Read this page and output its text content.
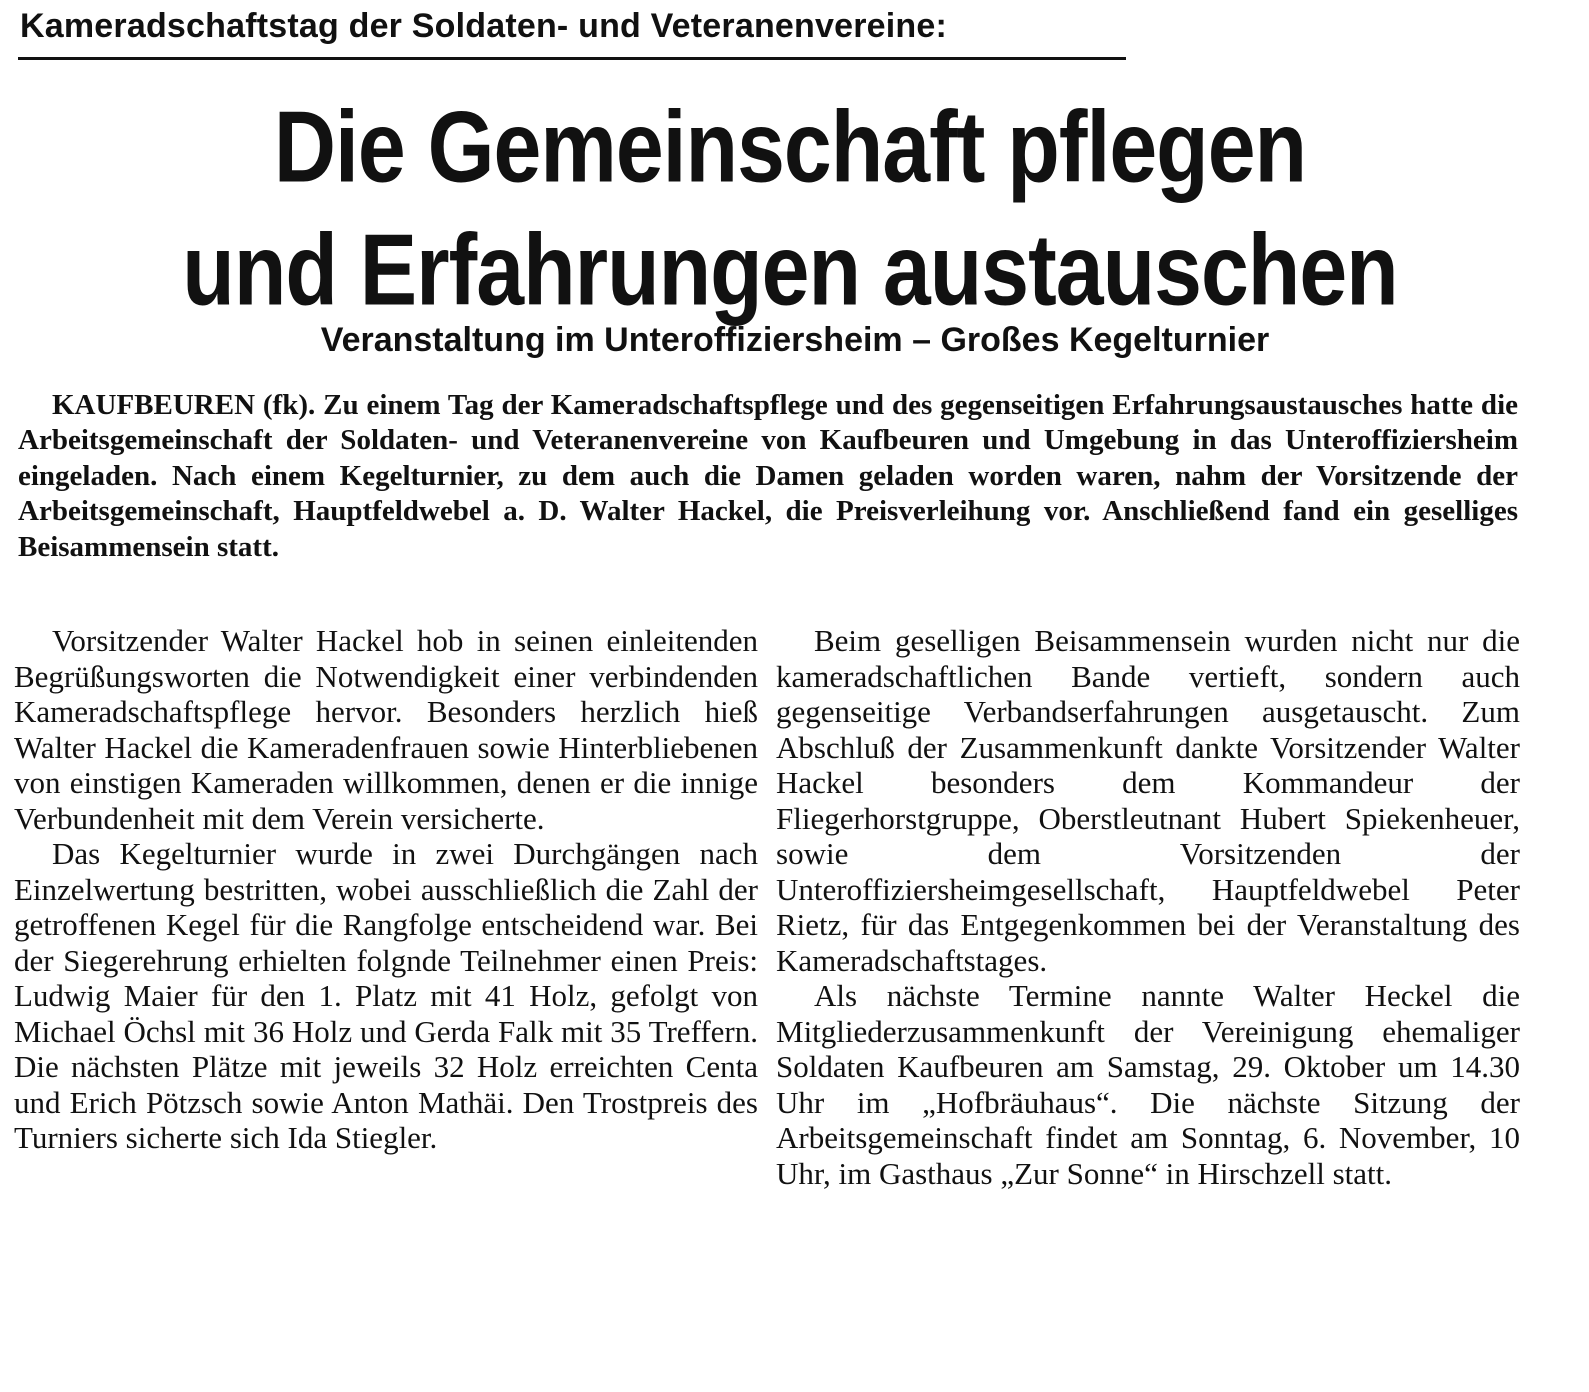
Kameradschaftstag der Soldaten- und Veteranenvereine:
Die Gemeinschaft pflegen
und Erfahrungen austauschen
Veranstaltung im Unteroffiziersheim – Großes Kegelturnier
KAUFBEUREN (fk). Zu einem Tag der Kameradschaftspflege und des gegenseitigen Erfahrungsaustausches hatte die Arbeitsgemeinschaft der Soldaten- und Veteranenvereine von Kaufbeuren und Umgebung in das Unteroffiziersheim eingeladen. Nach einem Kegelturnier, zu dem auch die Damen geladen worden waren, nahm der Vorsitzende der Arbeitsgemeinschaft, Hauptfeldwebel a. D. Walter Hackel, die Preisverleihung vor. Anschließend fand ein geselliges Beisammensein statt.

Vorsitzender Walter Hackel hob in seinen einleitenden Begrüßungsworten die Notwendigkeit einer verbindenden Kameradschaftspflege hervor. Besonders herzlich hieß Walter Hackel die Kameradenfrauen sowie Hinterbliebenen von einstigen Kameraden willkommen, denen er die innige Verbundenheit mit dem Verein versicherte.

Das Kegelturnier wurde in zwei Durchgängen nach Einzelwertung bestritten, wobei ausschließlich die Zahl der getroffenen Kegel für die Rangfolge entscheidend war. Bei der Siegerehrung erhielten folgnde Teilnehmer einen Preis: Ludwig Maier für den 1. Platz mit 41 Holz, gefolgt von Michael Öchsl mit 36 Holz und Gerda Falk mit 35 Treffern. Die nächsten Plätze mit jeweils 32 Holz erreichten Centa und Erich Pötzsch sowie Anton Mathäi. Den Trostpreis des Turniers sicherte sich Ida Stiegler.

Beim geselligen Beisammensein wurden nicht nur die kameradschaftlichen Bande vertieft, sondern auch gegenseitige Verbandserfahrungen ausgetauscht. Zum Abschluß der Zusammenkunft dankte Vorsitzender Walter Hackel besonders dem Kommandeur der Fliegerhorstgruppe, Oberstleutnant Hubert Spiekenheuer, sowie dem Vorsitzenden der Unteroffiziersheimgesellschaft, Hauptfeldwebel Peter Rietz, für das Entgegenkommen bei der Veranstaltung des Kameradschaftstages.

Als nächste Termine nannte Walter Heckel die Mitgliederzusammenkunft der Vereinigung ehemaliger Soldaten Kaufbeuren am Samstag, 29. Oktober um 14.30 Uhr im „Hofbräuhaus“. Die nächste Sitzung der Arbeitsgemeinschaft findet am Sonntag, 6. November, 10 Uhr, im Gasthaus „Zur Sonne“ in Hirschzell statt.
